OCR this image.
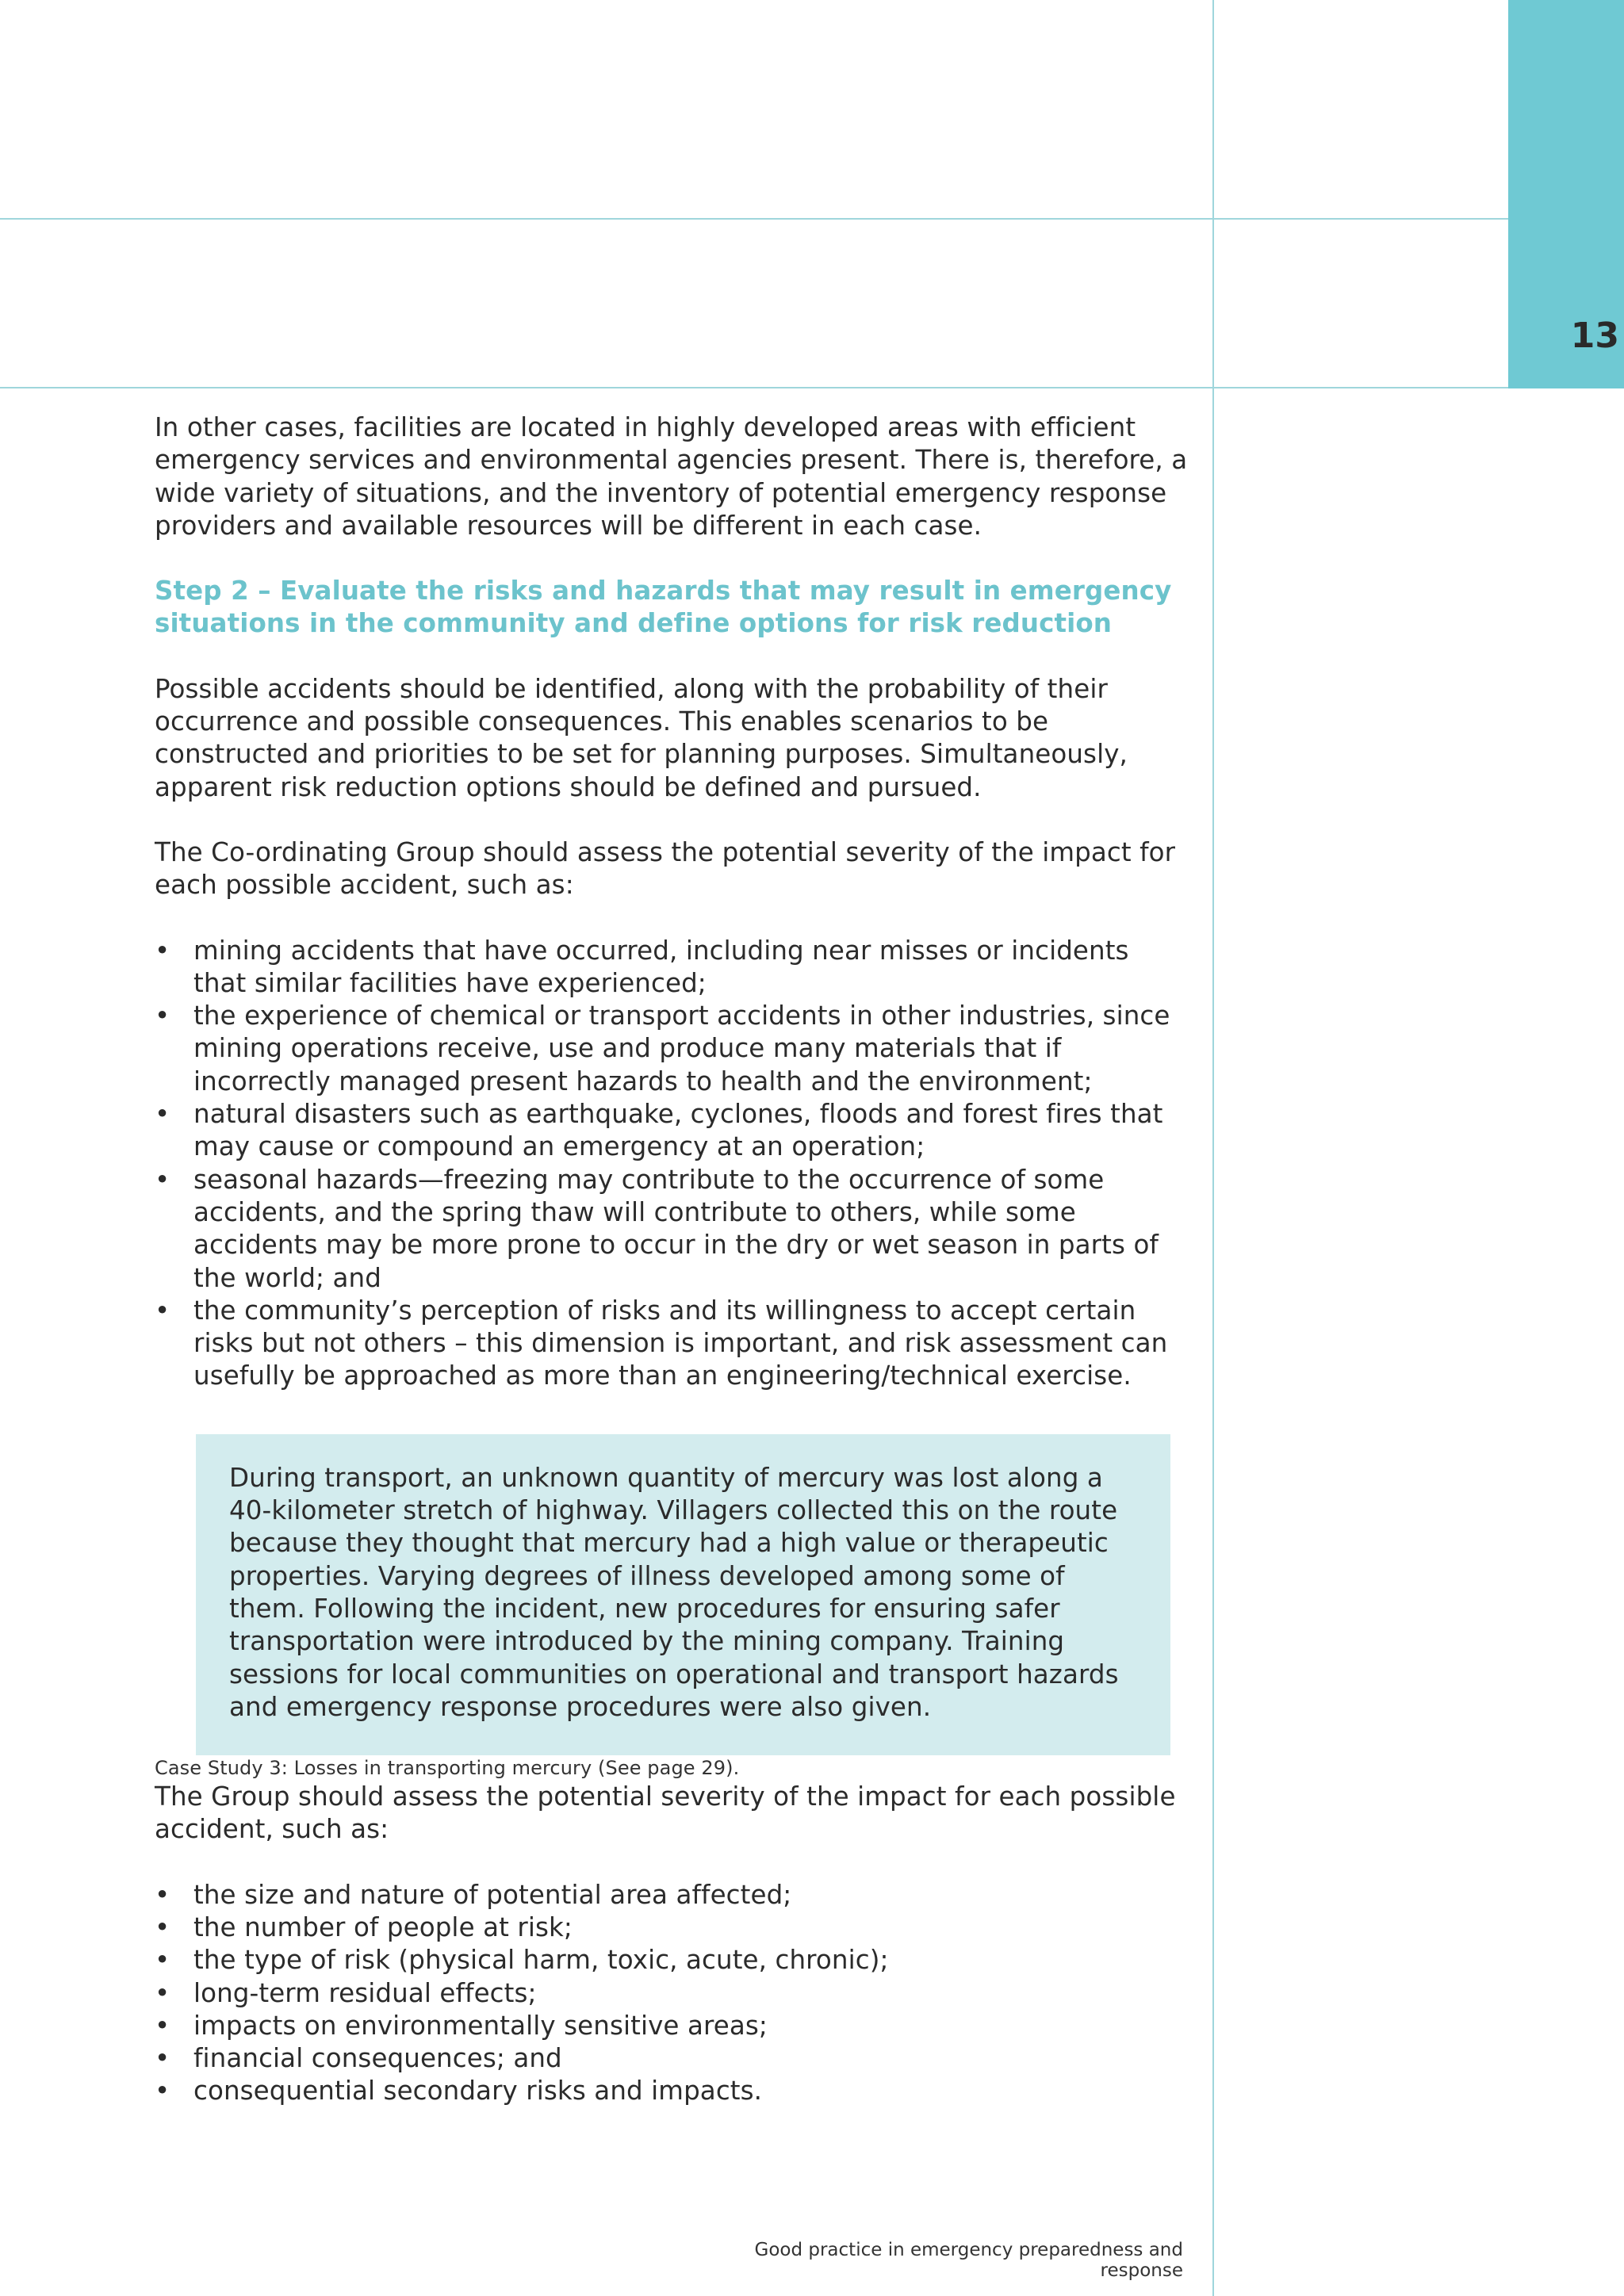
13

In other cases, facilities are located in highly developed areas with efficient emergency services and environmental agencies present. There is, therefore, a wide variety of situations, and the inventory of potential emergency response providers and available resources will be different in each case.

Step 2 – Evaluate the risks and hazards that may result in emergency situations in the community and define options for risk reduction

Possible accidents should be identified, along with the probability of their occurrence and possible consequences. This enables scenarios to be constructed and priorities to be set for planning purposes. Simultaneously, apparent risk reduction options should be defined and pursued.

The Co-ordinating Group should assess the potential severity of the impact for each possible accident, such as:

• mining accidents that have occurred, including near misses or incidents that similar facilities have experienced;
• the experience of chemical or transport accidents in other industries, since mining operations receive, use and produce many materials that if incorrectly managed present hazards to health and the environment;
• natural disasters such as earthquake, cyclones, floods and forest fires that may cause or compound an emergency at an operation;
• seasonal hazards—freezing may contribute to the occurrence of some accidents, and the spring thaw will contribute to others, while some accidents may be more prone to occur in the dry or wet season in parts of the world; and
• the community’s perception of risks and its willingness to accept certain risks but not others – this dimension is important, and risk assessment can usefully be approached as more than an engineering/technical exercise.

During transport, an unknown quantity of mercury was lost along a 40-kilometer stretch of highway. Villagers collected this on the route because they thought that mercury had a high value or therapeutic properties. Varying degrees of illness developed among some of them. Following the incident, new procedures for ensuring safer transportation were introduced by the mining company. Training sessions for local communities on operational and transport hazards and emergency response procedures were also given.

Case Study 3: Losses in transporting mercury (See page 29).

The Group should assess the potential severity of the impact for each possible accident, such as:

• the size and nature of potential area affected;
• the number of people at risk;
• the type of risk (physical harm, toxic, acute, chronic);
• long-term residual effects;
• impacts on environmentally sensitive areas;
• financial consequences; and
• consequential secondary risks and impacts.
Good practice in emergency preparedness and response
